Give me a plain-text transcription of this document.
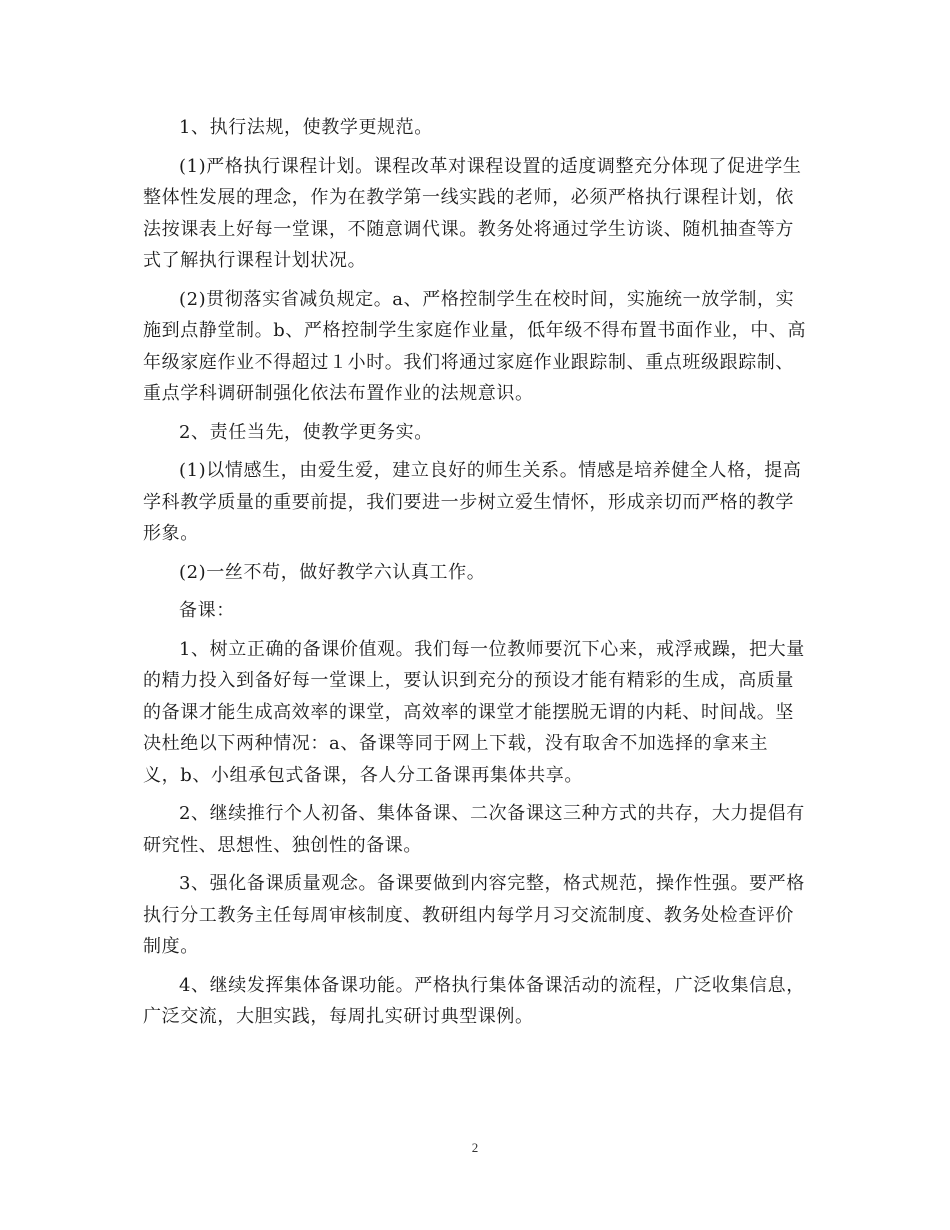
1、执行法规，使教学更规范。

(1)严格执行课程计划。课程改革对课程设置的适度调整充分体现了促进学生
整体性发展的理念，作为在教学第一线实践的老师，必须严格执行课程计划，依
法按课表上好每一堂课，不随意调代课。教务处将通过学生访谈、随机抽查等方
式了解执行课程计划状况。

(2)贯彻落实省减负规定。a、严格控制学生在校时间，实施统一放学制，实
施到点静堂制。b、严格控制学生家庭作业量，低年级不得布置书面作业，中、高
年级家庭作业不得超过１小时。我们将通过家庭作业跟踪制、重点班级跟踪制、
重点学科调研制强化依法布置作业的法规意识。

2、责任当先，使教学更务实。

(1)以情感生，由爱生爱，建立良好的师生关系。情感是培养健全人格，提高
学科教学质量的重要前提，我们要进一步树立爱生情怀，形成亲切而严格的教学
形象。

(2)一丝不苟，做好教学六认真工作。

备课：

1、树立正确的备课价值观。我们每一位教师要沉下心来，戒浮戒躁，把大量
的精力投入到备好每一堂课上，要认识到充分的预设才能有精彩的生成，高质量
的备课才能生成高效率的课堂，高效率的课堂才能摆脱无谓的内耗、时间战。坚
决杜绝以下两种情况：a、备课等同于网上下载，没有取舍不加选择的拿来主
义，b、小组承包式备课，各人分工备课再集体共享。

2、继续推行个人初备、集体备课、二次备课这三种方式的共存，大力提倡有
研究性、思想性、独创性的备课。

3、强化备课质量观念。备课要做到内容完整，格式规范，操作性强。要严格
执行分工教务主任每周审核制度、教研组内每学月习交流制度、教务处检查评价
制度。

4、继续发挥集体备课功能。严格执行集体备课活动的流程，广泛收集信息，
广泛交流，大胆实践，每周扎实研讨典型课例。

2
